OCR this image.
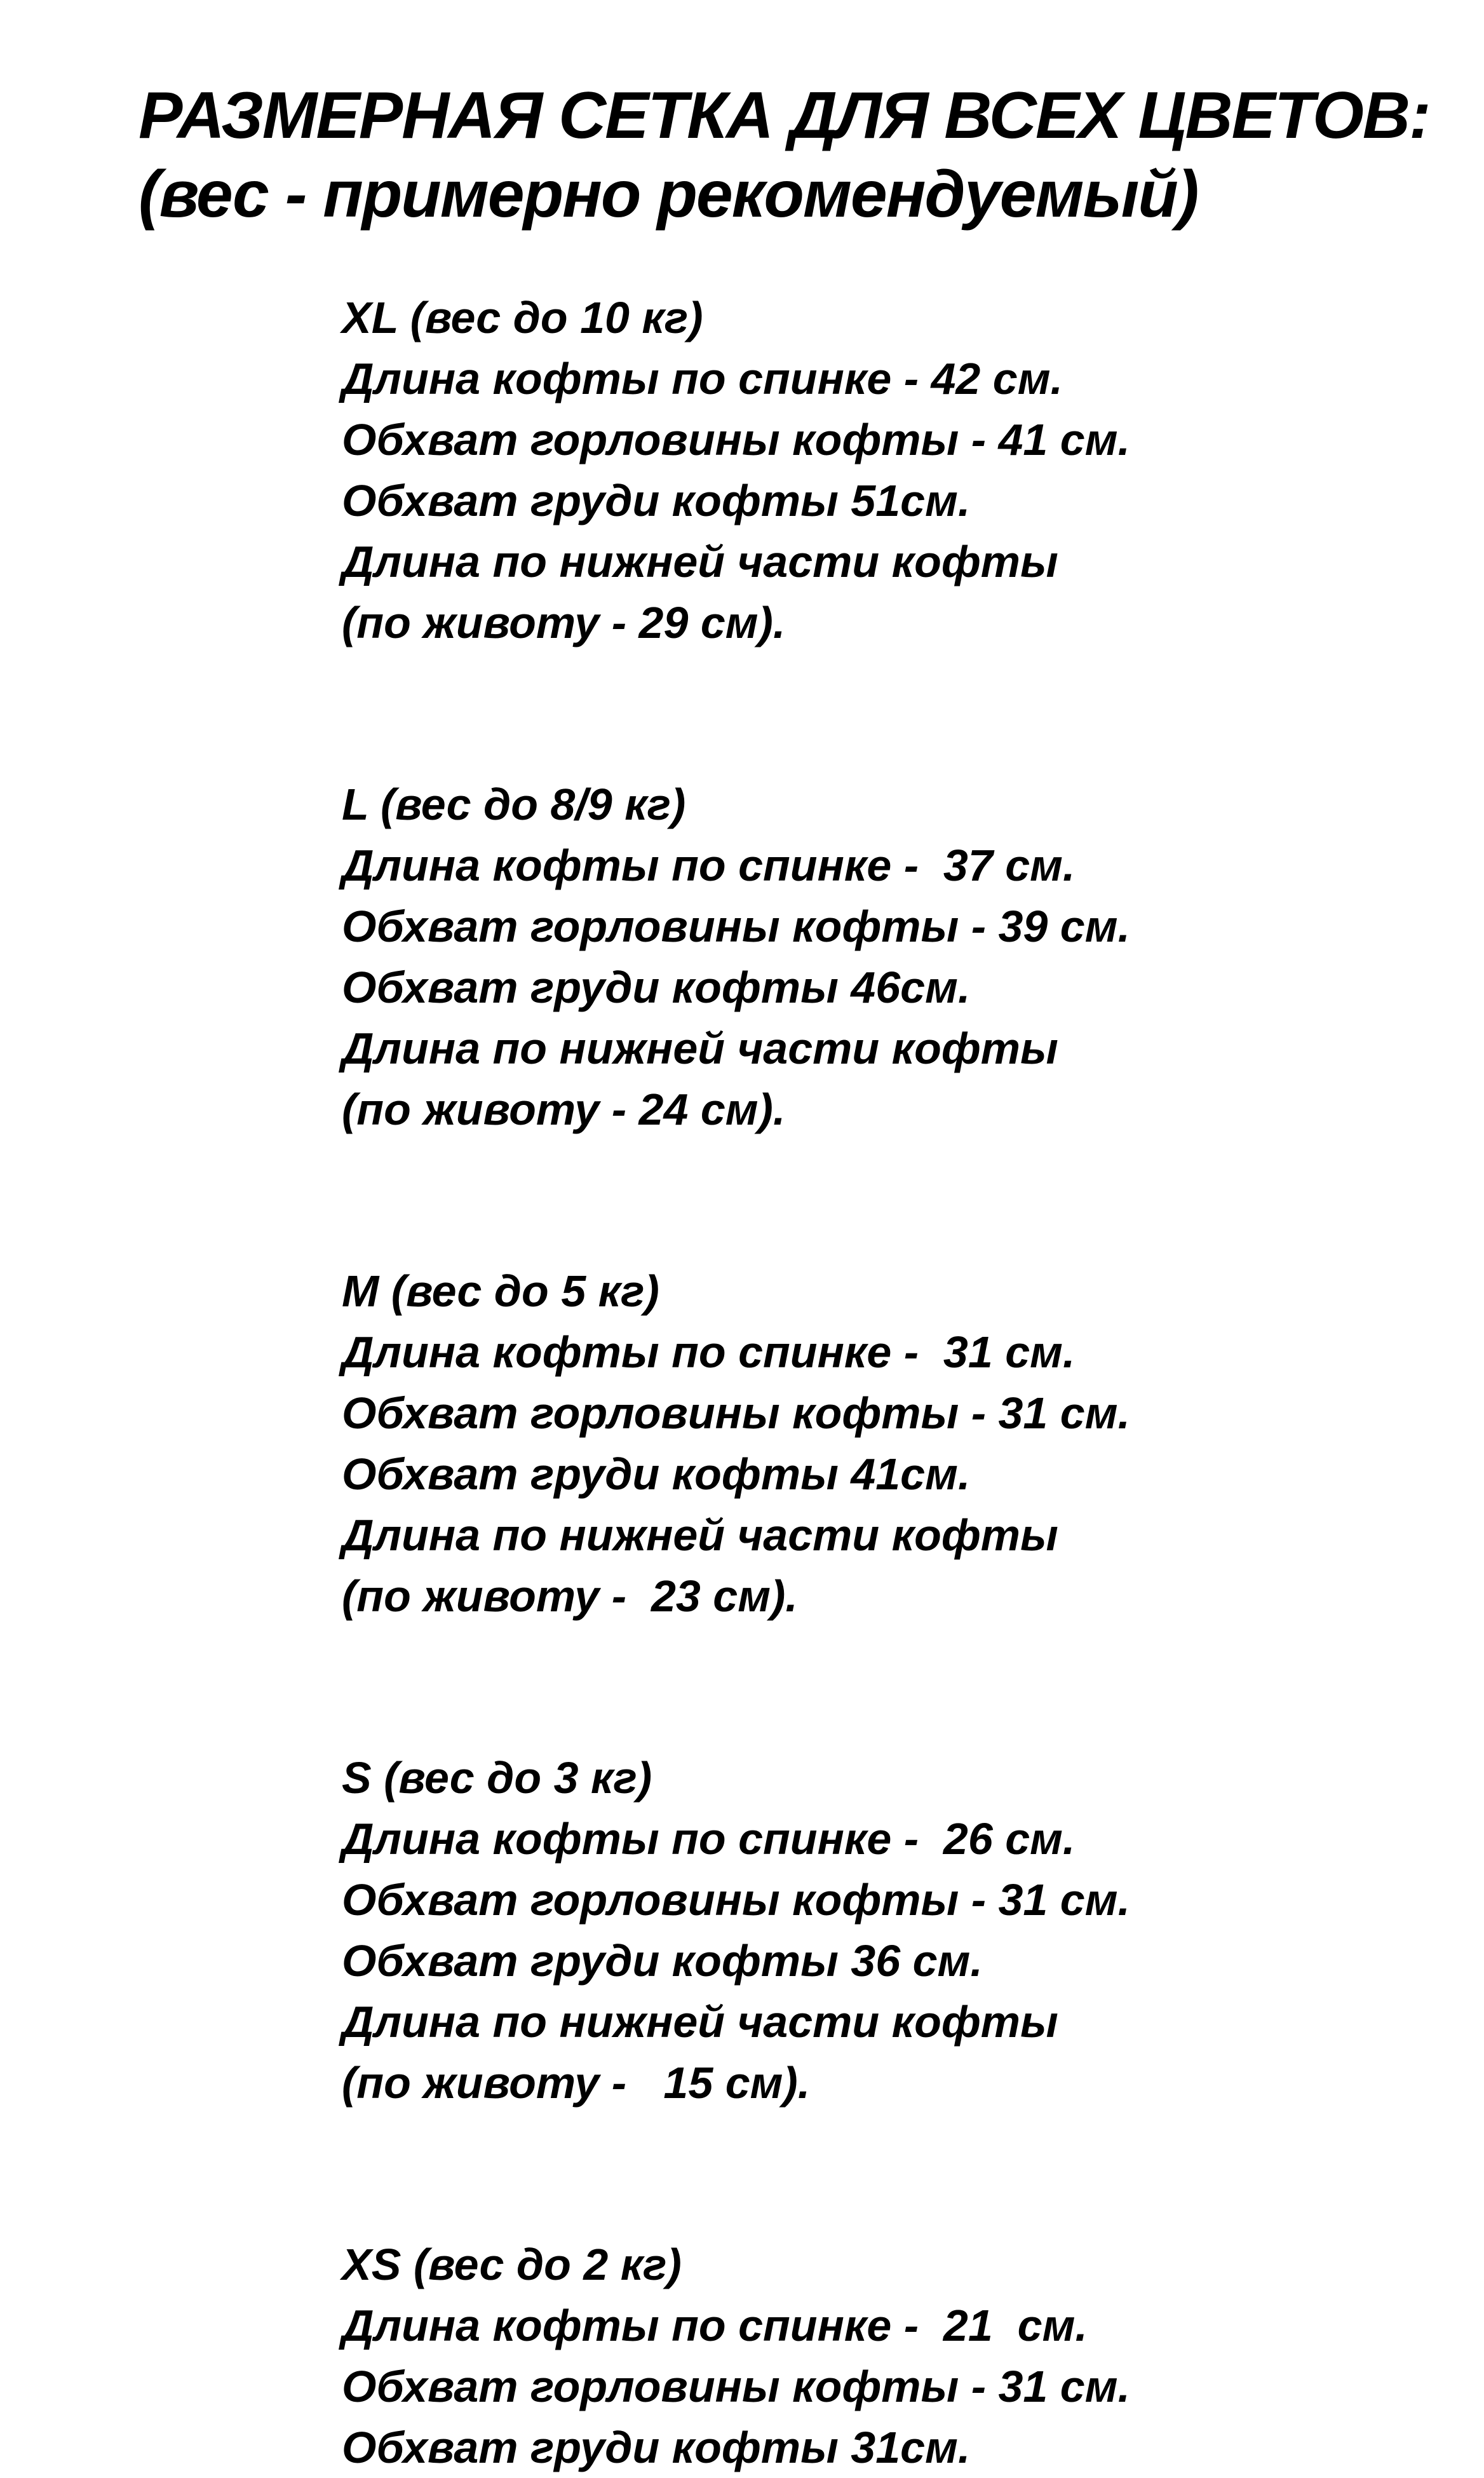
РАЗМЕРНАЯ СЕТКА ДЛЯ ВСЕХ ЦВЕТОВ:
(вес - примерно рекомендуемый)
XL (вес до 10 кг)
Длина кофты по спинке - 42 см.
Обхват горловины кофты - 41 см.
Обхват груди кофты 51см.
Длина по нижней части кофты
(по животу - 29 см).
L (вес до 8/9 кг)
Длина кофты по спинке -  37 см.
Обхват горловины кофты - 39 см.
Обхват груди кофты 46см.
Длина по нижней части кофты
(по животу - 24 см).
M (вес до 5 кг)
Длина кофты по спинке -  31 см.
Обхват горловины кофты - 31 см.
Обхват груди кофты 41см.
Длина по нижней части кофты
(по животу -  23 см).
S (вес до 3 кг)
Длина кофты по спинке -  26 см.
Обхват горловины кофты - 31 см.
Обхват груди кофты 36 см.
Длина по нижней части кофты
(по животу -   15 см).
XS (вес до 2 кг)
Длина кофты по спинке -  21  см.
Обхват горловины кофты - 31 см.
Обхват груди кофты 31см.
